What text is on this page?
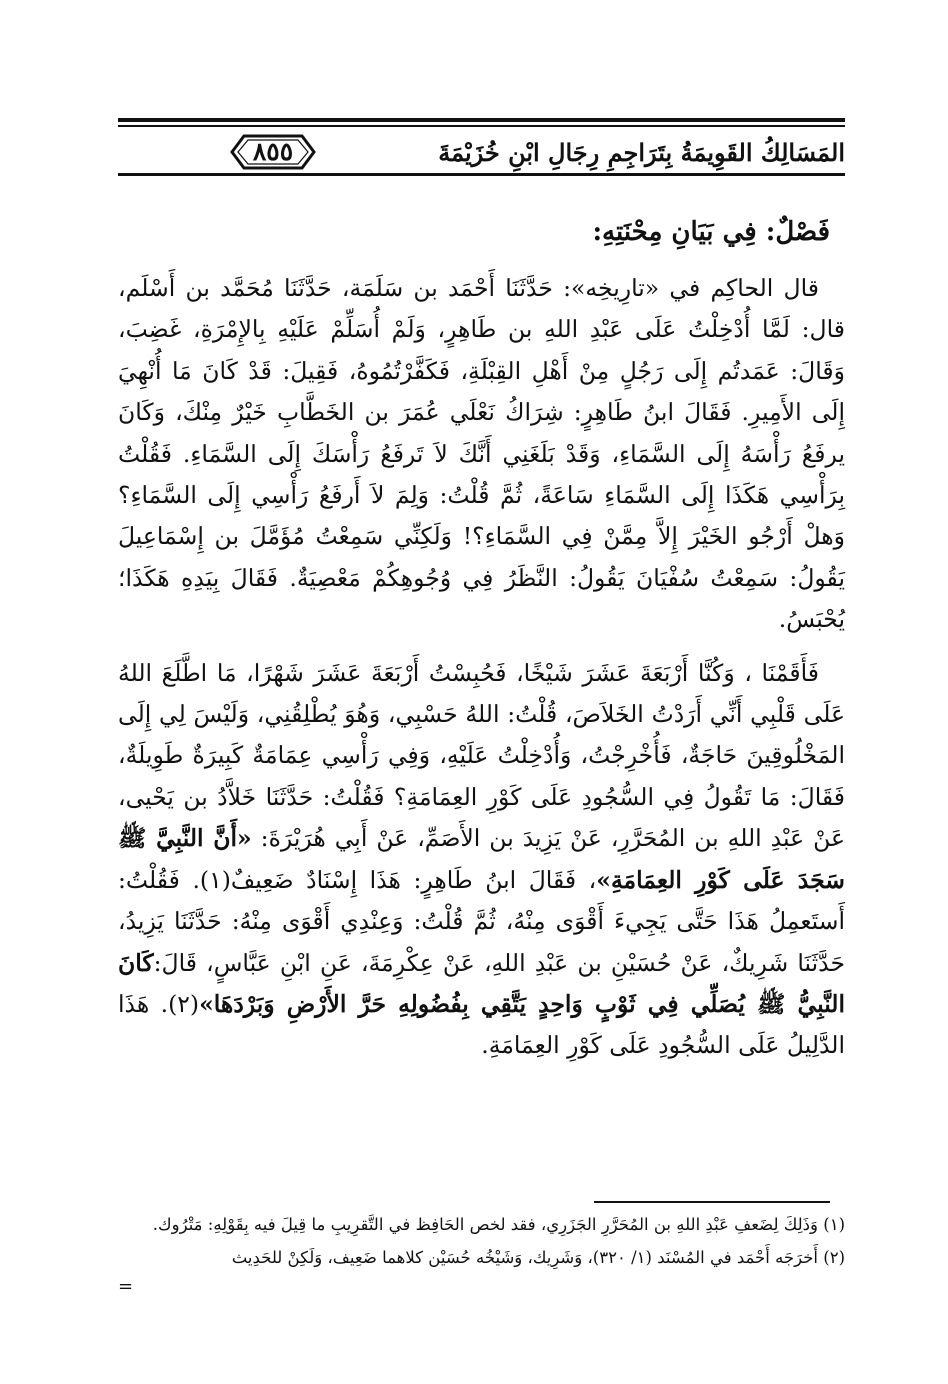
المَسَالِكُ القَوِيمَةُ بِتَرَاجِمِ رِجَالِ ابْنِ خُزَيْمَةَ
٨٥٥
فَصْلٌ: فِي بَيَانِ مِحْنَتِهِ:

قال الحاكِم في «تارِيخِه»: حَدَّثَنَا أَحْمَد بن سَلَمَة، حَدَّثَنَا مُحَمَّد بن أَسْلَم، قال: لَمَّا أُدْخِلْتُ عَلَى عَبْدِ اللهِ بن طَاهِرٍ، وَلَمْ أُسَلِّمْ عَلَيْهِ بِالإِمْرَةِ، غَضِبَ، وَقَالَ: عَمَدتُم إِلَى رَجُلٍ مِنْ أَهْلِ القِبْلَةِ، فَكَفَّرْتُمُوهُ، فَقِيلَ: قَدْ كَانَ مَا أُنْهِيَ إِلَى الأَمِيرِ. فَقَالَ ابنُ طَاهِرٍ: شِرَاكُ نَعْلَي عُمَرَ بن الخَطَّابِ خَيْرٌ مِنْكَ، وَكَانَ يرفَعُ رَأْسَهُ إِلَى السَّمَاءِ، وَقَدْ بَلَغَنِي أَنَّكَ لاَ تَرفَعُ رَأْسَكَ إِلَى السَّمَاءِ. فَقُلْتُ بِرَأْسِي هَكَذَا إِلَى السَّمَاءِ سَاعَةً، ثُمَّ قُلْتُ: وَلِمَ لاَ أَرفَعُ رَأْسِي إِلَى السَّمَاءِ؟ وَهلْ أَرْجُو الخَيْرَ إِلاَّ مِمَّنْ فِي السَّمَاءِ؟! وَلَكِنِّي سَمِعْتُ مُؤَمَّلَ بن إِسْمَاعِيلَ يَقُولُ: سَمِعْتُ سُفْيَانَ يَقُولُ: النَّظَرُ فِي وُجُوهِكُمْ مَعْصِيَةٌ. فَقَالَ بِيَدِهِ هَكَذَا؛ يُحْبَسُ.

فَأَقَمْنَا ، وَكُنَّا أَرْبَعَةَ عَشَرَ شَيْخًا، فَحُبِسْتُ أَرْبَعَةَ عَشَرَ شَهْرًا، مَا اطَّلَعَ اللهُ عَلَى قَلْبِي أَنِّي أَرَدْتُ الخَلاَصَ، قُلْتُ: اللهُ حَسْبِي، وَهُوَ يُطْلِقُنِي، وَلَيْسَ لِي إِلَى المَخْلُوقِينَ حَاجَةٌ، فَأُخْرِجْتُ، وَأُدْخِلْتُ عَلَيْهِ، وَفِي رَأْسِي عِمَامَةٌ كَبِيرَةٌ طَوِيلَةٌ، فَقَالَ: مَا تَقُولُ فِي السُّجُودِ عَلَى كَوْرِ العِمَامَةِ؟ فَقُلْتُ: حَدَّثَنَا خَلاَّدُ بن يَحْيى، عَنْ عَبْدِ اللهِ بن المُحَرَّرِ، عَنْ يَزِيدَ بن الأَصَمِّ، عَنْ أَبِي هُرَيْرَةَ: «أَنَّ النَّبِيَّ ﷺ سَجَدَ عَلَى كَوْرِ العِمَامَةِ»، فَقَالَ ابنُ طَاهِرٍ: هَذَا إِسْنَادٌ ضَعِيفٌ(١). فَقُلْتُ: أَستَعمِلُ هَذَا حَتَّى يَجِيءَ أَقْوَى مِنْهُ، ثُمَّ قُلْتُ: وَعِنْدِي أَقْوَى مِنْهُ: حَدَّثَنَا يَزِيدُ، حَدَّثَنَا شَرِيكٌ، عَنْ حُسَيْنِ بن عَبْدِ اللهِ، عَنْ عِكْرِمَةَ، عَنِ ابْنِ عَبَّاسٍ، قَالَ:كَانَ النَّبِيُّ ﷺ يُصَلِّي فِي ثَوْبٍ وَاحِدٍ يَتَّقِي بِفُضُولِهِ حَرَّ الأَرْضِ وَبَرْدَهَا»(٢). هَذَا الدَّلِيلُ عَلَى السُّجُودِ عَلَى كَوْرِ العِمَامَةِ.

(١) وَذَلِكَ لِضَعفِ عَبْدِ اللهِ بن المُحَرَّرِ الجَزَرِي، فقد لخص الحَافِظ في التَّقرِيبِ ما قِيلَ فيه بِقَوْلِهِ: مَتْرُوك.
(٢) أَخرَجَه أَحْمَد في المُسْنَد (١/ ٣٢٠)، وَشَرِيك، وَشَيْخُه حُسَيْن كلاهما ضَعِيف، وَلَكِنْ للحَدِيث
=
